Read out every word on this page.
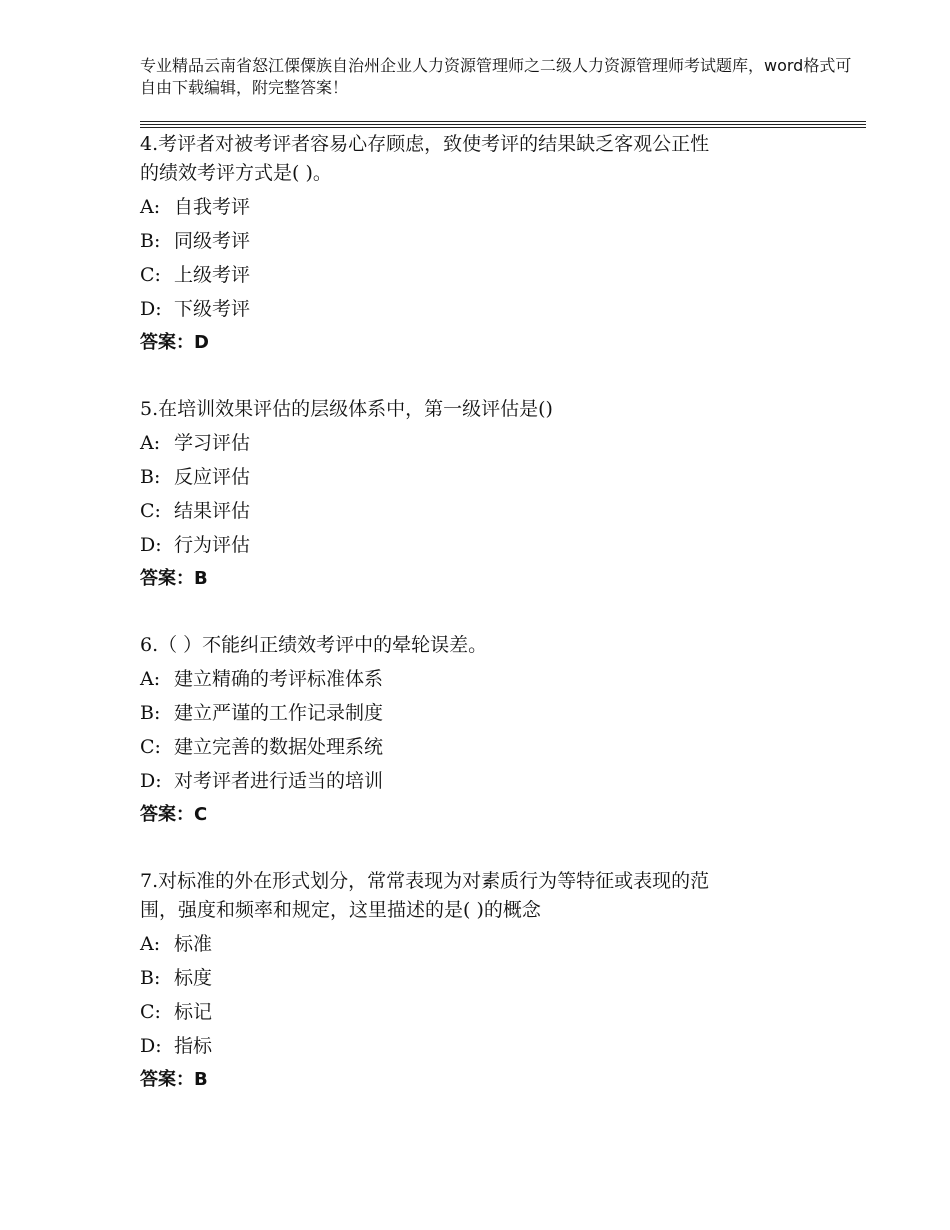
专业精品云南省怒江傈僳族自治州企业人力资源管理师之二级人力资源管理师考试题库，word格式可自由下载编辑，附完整答案！
4.考评者对被考评者容易心存顾虑，致使考评的结果缺乏客观公正性
的绩效考评方式是( )。
A: 自我考评
B: 同级考评
C: 上级考评
D: 下级考评
答案：D
5.在培训效果评估的层级体系中，第一级评估是()
A: 学习评估
B: 反应评估
C: 结果评估
D: 行为评估
答案：B
6.（ ）不能纠正绩效考评中的晕轮误差。
A: 建立精确的考评标准体系
B: 建立严谨的工作记录制度
C: 建立完善的数据处理系统
D: 对考评者进行适当的培训
答案：C
7.对标准的外在形式划分，常常表现为对素质行为等特征或表现的范
围，强度和频率和规定，这里描述的是( )的概念
A: 标准
B: 标度
C: 标记
D: 指标
答案：B
